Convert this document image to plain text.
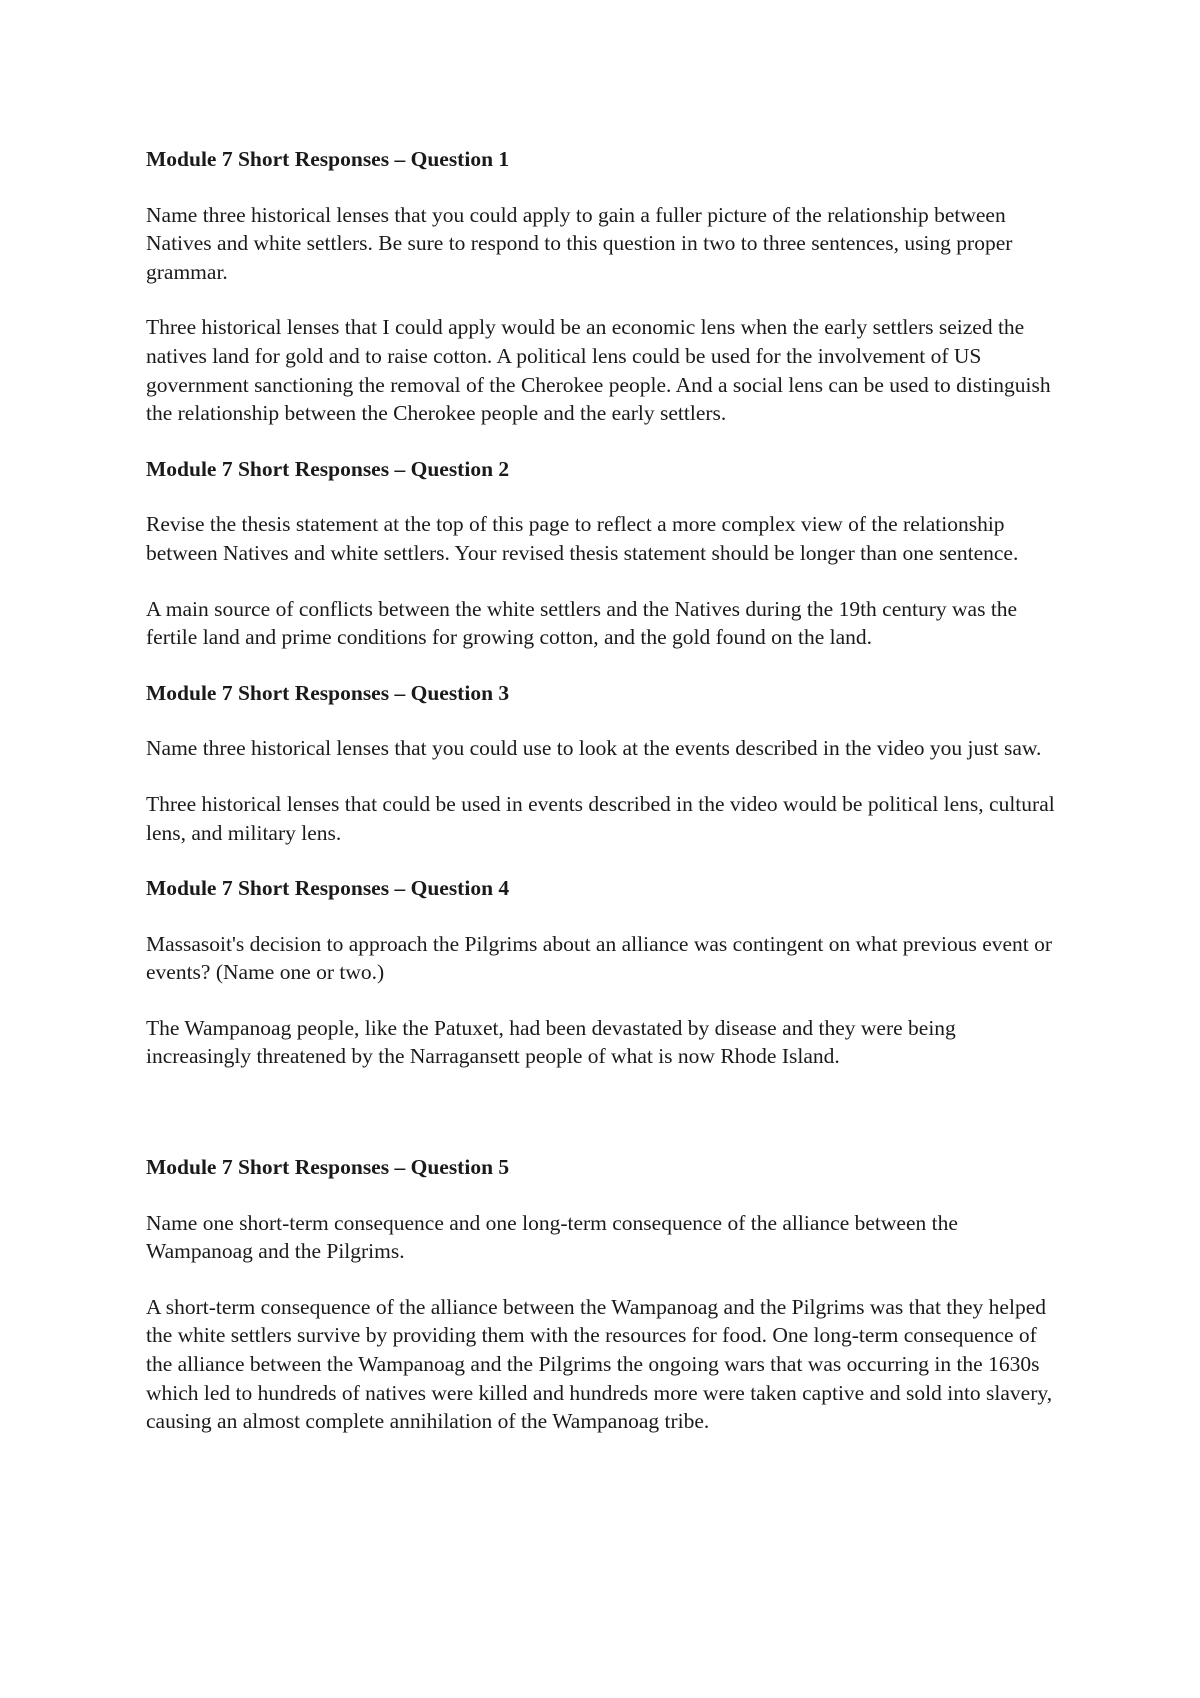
Module 7 Short Responses – Question 1

Name three historical lenses that you could apply to gain a fuller picture of the relationship between Natives and white settlers. Be sure to respond to this question in two to three sentences, using proper grammar.

Three historical lenses that I could apply would be an economic lens when the early settlers seized the natives land for gold and to raise cotton. A political lens could be used for the involvement of US government sanctioning the removal of the Cherokee people. And a social lens can be used to distinguish the relationship between the Cherokee people and the early settlers.

Module 7 Short Responses – Question 2

Revise the thesis statement at the top of this page to reflect a more complex view of the relationship between Natives and white settlers. Your revised thesis statement should be longer than one sentence.

A main source of conflicts between the white settlers and the Natives during the 19th century was the fertile land and prime conditions for growing cotton, and the gold found on the land.

Module 7 Short Responses – Question 3

Name three historical lenses that you could use to look at the events described in the video you just saw.

Three historical lenses that could be used in events described in the video would be political lens, cultural lens, and military lens.

Module 7 Short Responses – Question 4

Massasoit's decision to approach the Pilgrims about an alliance was contingent on what previous event or events? (Name one or two.)

The Wampanoag people, like the Patuxet, had been devastated by disease and they were being increasingly threatened by the Narragansett people of what is now Rhode Island.

Module 7 Short Responses – Question 5

Name one short-term consequence and one long-term consequence of the alliance between the Wampanoag and the Pilgrims.

A short-term consequence of the alliance between the Wampanoag and the Pilgrims was that they helped the white settlers survive by providing them with the resources for food. One long-term consequence of the alliance between the Wampanoag and the Pilgrims the ongoing wars that was occurring in the 1630s which led to hundreds of natives were killed and hundreds more were taken captive and sold into slavery, causing an almost complete annihilation of the Wampanoag tribe.
